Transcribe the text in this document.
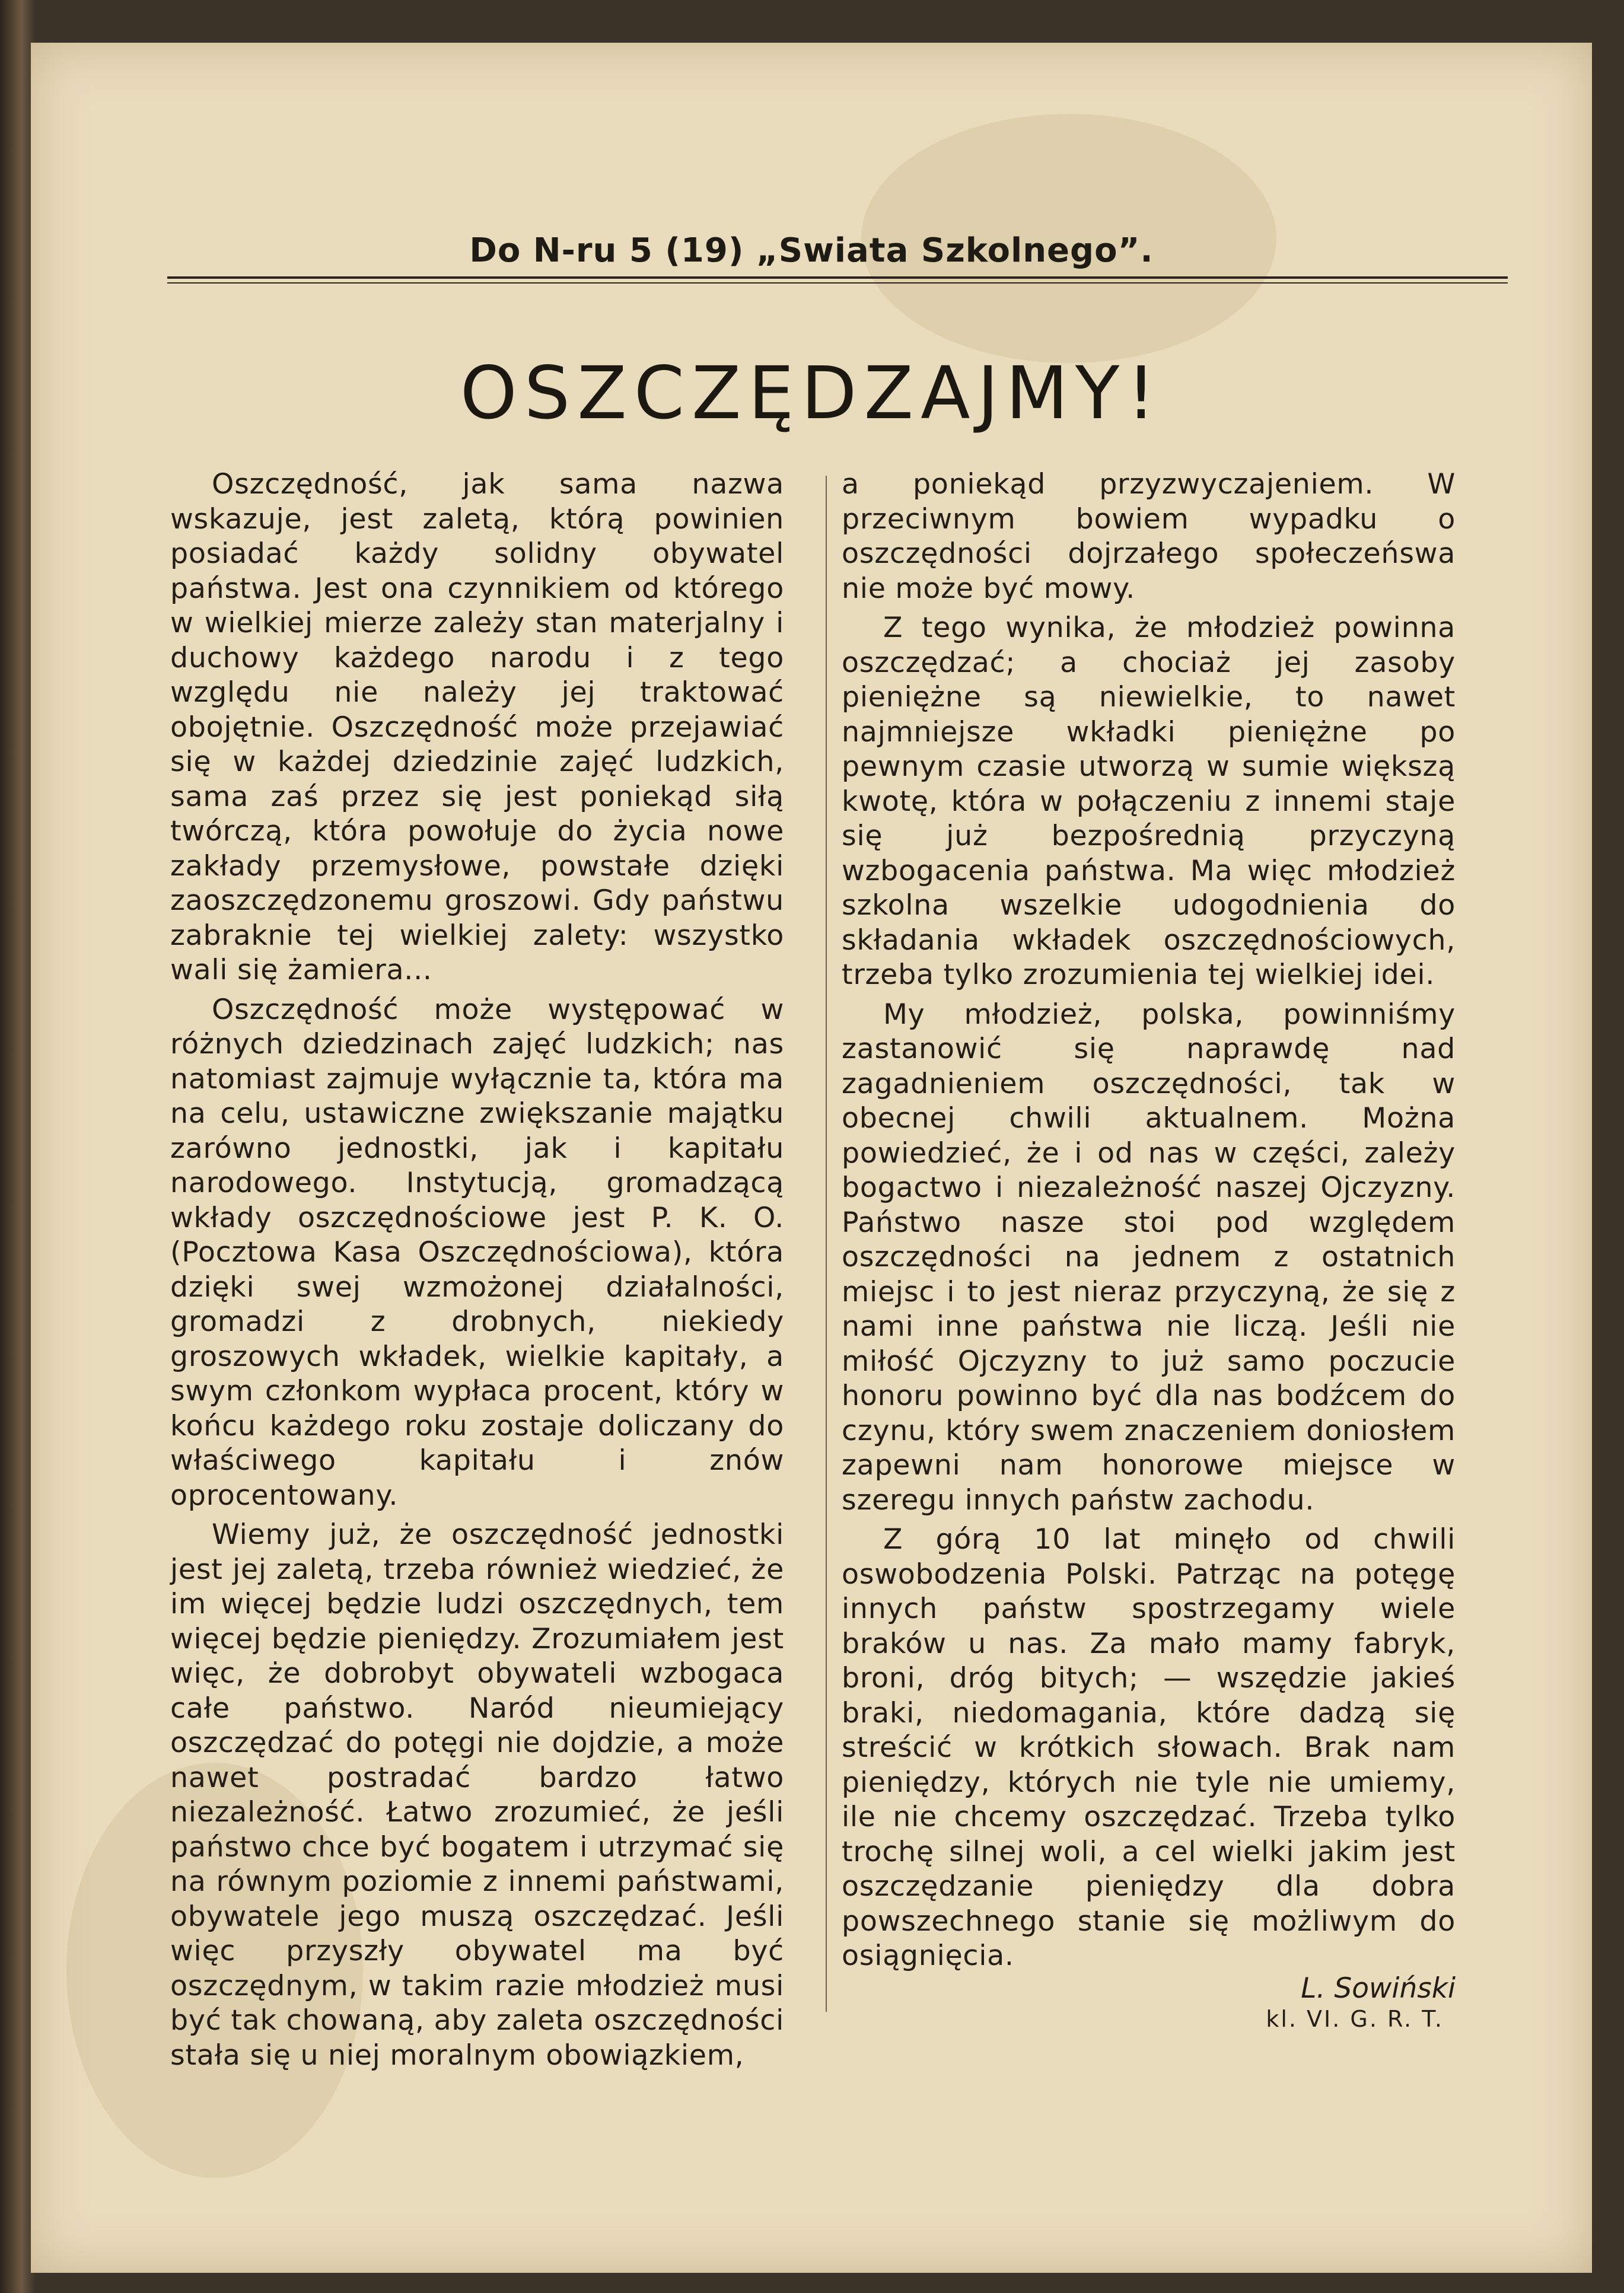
Do N-ru 5 (19) „Swiata Szkolnego”.
OSZCZĘDZAJMY!

Oszczędność, jak sama nazwa wskazuje, jest zaletą, którą powinien posiadać każdy solidny obywatel państwa. Jest ona czynnikiem od którego w wielkiej mierze zależy stan materjalny i duchowy każdego narodu i z tego względu nie należy jej traktować obojętnie. Oszczędność może przejawiać się w każdej dziedzinie zajęć ludzkich, sama zaś przez się jest poniekąd siłą twórczą, która powołuje do życia nowe zakłady przemysłowe, powstałe dzięki zaoszczędzonemu groszowi. Gdy państwu zabraknie tej wielkiej zalety: wszystko wali się żamiera...

Oszczędność może występować w różnych dziedzinach zajęć ludzkich; nas natomiast zajmuje wyłącznie ta, która ma na celu, ustawiczne zwiększanie majątku zarówno jednostki, jak i kapitału narodowego. Instytucją, gromadzącą wkłady oszczędnościowe jest P. K. O. (Pocztowa Kasa Oszczędnościowa), która dzięki swej wzmożonej działalności, gromadzi z drobnych, niekiedy groszowych wkładek, wielkie kapitały, a swym członkom wypłaca procent, który w końcu każdego roku zostaje doliczany do właściwego kapitału i znów oprocentowany.

Wiemy już, że oszczędność jednostki jest jej zaletą, trzeba również wiedzieć, że im więcej będzie ludzi oszczędnych, tem więcej będzie pieniędzy. Zrozumiałem jest więc, że dobrobyt obywateli wzbogaca całe państwo. Naród nieumiejący oszczędzać do potęgi nie dojdzie, a może nawet postradać bardzo łatwo niezależność. Łatwo zrozumieć, że jeśli państwo chce być bogatem i utrzymać się na równym poziomie z innemi państwami, obywatele jego muszą oszczędzać. Jeśli więc przyszły obywatel ma być oszczędnym, w takim razie młodzież musi być tak chowaną, aby zaleta oszczędności stała się u niej moralnym obowiązkiem,

a poniekąd przyzwyczajeniem. W przeciwnym bowiem wypadku o oszczędności dojrzałego społeczeńswa nie może być mowy.

Z tego wynika, że młodzież powinna oszczędzać; a chociaż jej zasoby pieniężne są niewielkie, to nawet najmniejsze wkładki pieniężne po pewnym czasie utworzą w sumie większą kwotę, która w połączeniu z innemi staje się już bezpośrednią przyczyną wzbogacenia państwa. Ma więc młodzież szkolna wszelkie udogodnienia do składania wkładek oszczędnościowych, trzeba tylko zrozumienia tej wielkiej idei.

My młodzież, polska, powinniśmy zastanowić się naprawdę nad zagadnieniem oszczędności, tak w obecnej chwili aktualnem. Można powiedzieć, że i od nas w części, zależy bogactwo i niezależność naszej Ojczyzny. Państwo nasze stoi pod względem oszczędności na jednem z ostatnich miejsc i to jest nieraz przyczyną, że się z nami inne państwa nie liczą. Jeśli nie miłość Ojczyzny to już samo poczucie honoru powinno być dla nas bodźcem do czynu, który swem znaczeniem doniosłem zapewni nam honorowe miejsce w szeregu innych państw zachodu.

Z górą 10 lat minęło od chwili oswobodzenia Polski. Patrząc na potęgę innych państw spostrzegamy wiele braków u nas. Za mało mamy fabryk, broni, dróg bitych; — wszędzie jakieś braki, niedomagania, które dadzą się streścić w krótkich słowach. Brak nam pieniędzy, których nie tyle nie umiemy, ile nie chcemy oszczędzać. Trzeba tylko trochę silnej woli, a cel wielki jakim jest oszczędzanie pieniędzy dla dobra powszechnego stanie się możliwym do osiągnięcia.

L. Sowiński
kl. VI. G. R. T.
